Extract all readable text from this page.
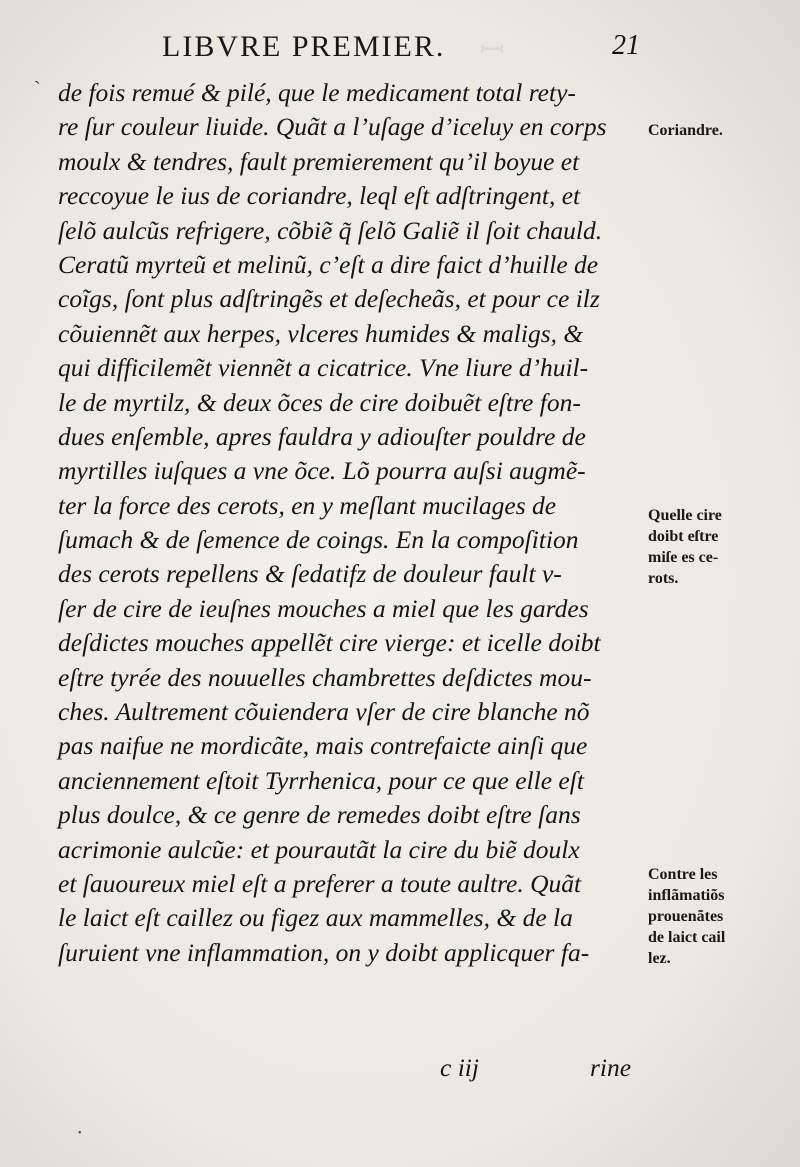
ꟷ
LIBVRE PREMIER.	21
de fois remué & pilé, que le medicament total rety-
re ſur couleur liuide. Quãt a l’uſage d’iceluy en corps
moulx & tendres, fault premierement qu’il boyue et
reccoyue le ius de coriandre, leql eſt adſtringent, et
ſelõ aulcũs refrigere, cõbiẽ q̃ ſelõ Galiẽ il ſoit chauld.
Ceratũ myrteũ et melinũ, c’eſt a dire faict d’huille de
coĩgs, ſont plus adſtringẽs et deſecheãs, et pour ce ilz
cõuiennẽt aux herpes, vlceres humides & maligs, &
qui difficilemẽt viennẽt a cicatrice. Vne liure d’huil-
le de myrtilz, & deux õces de cire doibuẽt eſtre fon-
dues enſemble, apres fauldra y adiouſter pouldre de
myrtilles iuſques a vne õce. Lõ pourra auſsi augmẽ-
ter la force des cerots, en y meſlant mucilages de
ſumach & de ſemence de coings. En la compoſition
des cerots repellens & ſedatifz de douleur fault v-
ſer de cire de ieuſnes mouches a miel que les gardes
deſdictes mouches appellẽt cire vierge: et icelle doibt
eſtre tyrée des nouuelles chambrettes deſdictes mou-
ches. Aultrement cõuiendera vſer de cire blanche nõ
pas naifue ne mordicãte, mais contrefaicte ainſi que
anciennement eſtoit Tyrrhenica, pour ce que elle eſt
plus doulce, & ce genre de remedes doibt eſtre ſans
acrimonie aulcũe: et pourautãt la cire du biẽ doulx
et ſauoureux miel eſt a preferer a toute aultre. Quãt
le laict eſt caillez ou figez aux mammelles, & de la
ſuruient vne inflammation, on y doibt applicquer fa-
c iij	rine
Coriandre.
Quelle cire
doibt eſtre
miſe es ce-
rots.
Contre les
inflãmatiõs
prouenãtes
de laict cail
lez.
ˋ
•
